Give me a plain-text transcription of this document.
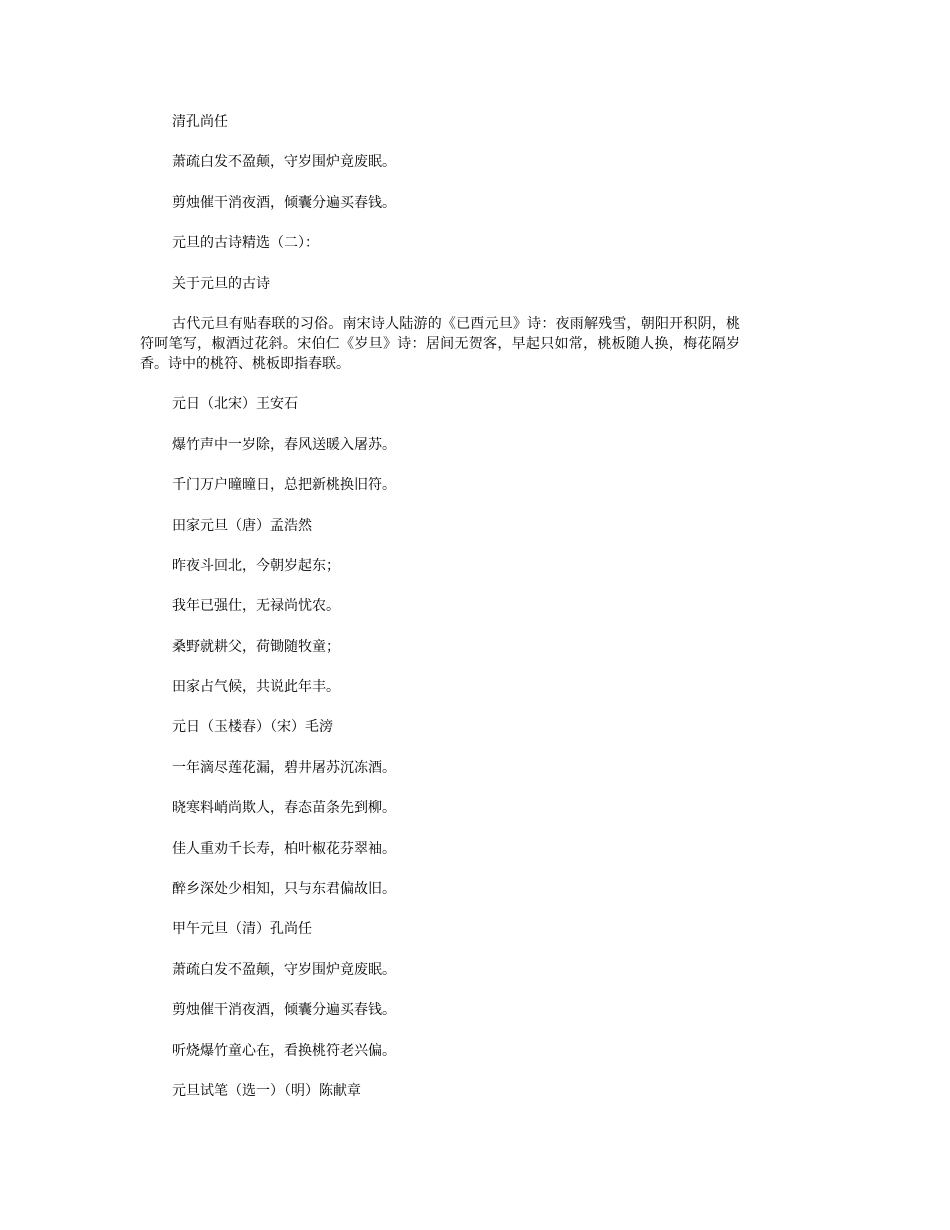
清孔尚任
萧疏白发不盈颠，守岁围炉竟废眠。
剪烛催干消夜酒，倾囊分遍买春钱。
元旦的古诗精选（二）：
关于元旦的古诗
古代元旦有贴春联的习俗。南宋诗人陆游的《已酉元旦》诗：夜雨解残雪，朝阳开积阴，桃符呵笔写，椒酒过花斜。宋伯仁《岁旦》诗：居间无贺客，早起只如常，桃板随人换，梅花隔岁香。诗中的桃符、桃板即指春联。
元日（北宋）王安石
爆竹声中一岁除，春风送暖入屠苏。
千门万户曈曈日，总把新桃换旧符。
田家元旦（唐）孟浩然
昨夜斗回北，今朝岁起东；
我年已强仕，无禄尚忧农。
桑野就耕父，荷锄随牧童；
田家占气候，共说此年丰。
元日（玉楼春）（宋）毛滂
一年滴尽莲花漏，碧井屠苏沉冻酒。
晓寒料峭尚欺人，春态苗条先到柳。
佳人重劝千长寿，柏叶椒花芬翠袖。
醉乡深处少相知，只与东君偏故旧。
甲午元旦（清）孔尚任
萧疏白发不盈颠，守岁围炉竟废眠。
剪烛催干消夜酒，倾囊分遍买春钱。
听烧爆竹童心在，看换桃符老兴偏。
元旦试笔（选一）（明）陈献章
